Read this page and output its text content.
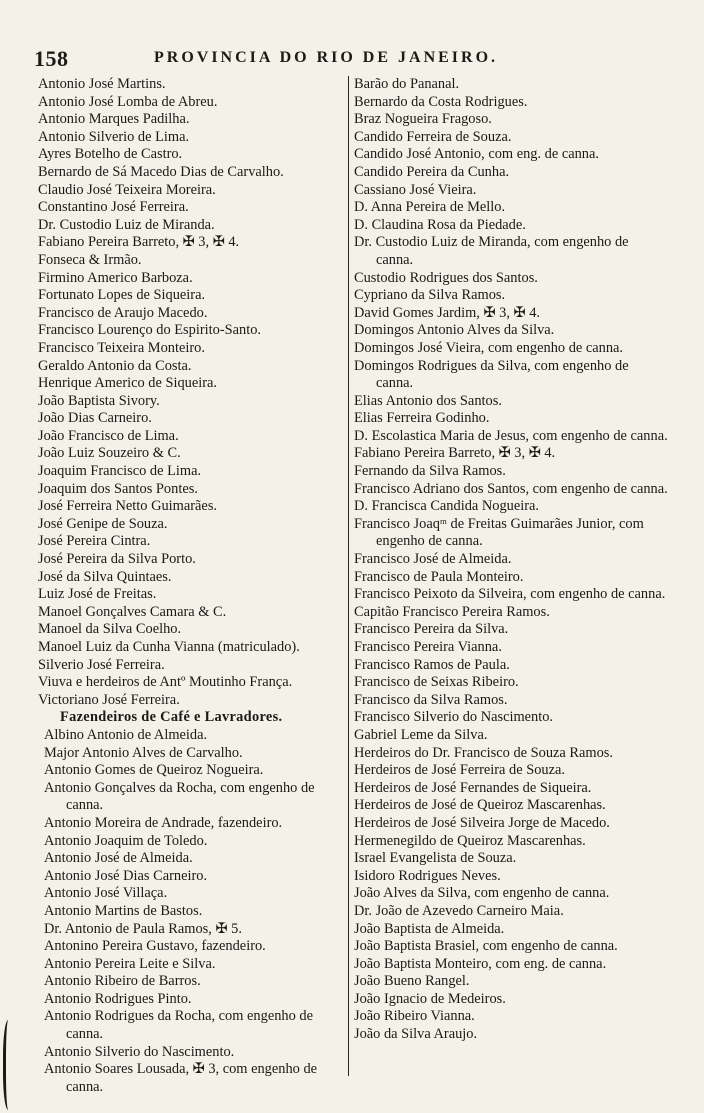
158	PROVINCIA DO RIO DE JANEIRO.
Antonio José Martins.
Antonio José Lomba de Abreu.
Antonio Marques Padilha.
Antonio Silverio de Lima.
Ayres Botelho de Castro.
Bernardo de Sá Macedo Dias de Carvalho.
Claudio José Teixeira Moreira.
Constantino José Ferreira.
Dr. Custodio Luiz de Miranda.
Fabiano Pereira Barreto, ✠ 3, ✠ 4.
Fonseca & Irmão.
Firmino Americo Barboza.
Fortunato Lopes de Siqueira.
Francisco de Araujo Macedo.
Francisco Lourenço do Espirito-Santo.
Francisco Teixeira Monteiro.
Geraldo Antonio da Costa.
Henrique Americo de Siqueira.
João Baptista Sivory.
João Dias Carneiro.
João Francisco de Lima.
João Luiz Souzeiro & C.
Joaquim Francisco de Lima.
Joaquim dos Santos Pontes.
José Ferreira Netto Guimarães.
José Genipe de Souza.
José Pereira Cintra.
José Pereira da Silva Porto.
José da Silva Quintaes.
Luiz José de Freitas.
Manoel Gonçalves Camara & C.
Manoel da Silva Coelho.
Manoel Luiz da Cunha Vianna (matriculado).
Silverio José Ferreira.
Viuva e herdeiros de Antº Moutinho França.
Victoriano José Ferreira.
Fazendeiros de Café e Lavradores.
Albino Antonio de Almeida.
Major Antonio Alves de Carvalho.
Antonio Gomes de Queiroz Nogueira.
Antonio Gonçalves da Rocha, com engenho de canna.
Antonio Moreira de Andrade, fazendeiro.
Antonio Joaquim de Toledo.
Antonio José de Almeida.
Antonio José Dias Carneiro.
Antonio José Villaça.
Antonio Martins de Bastos.
Dr. Antonio de Paula Ramos, ✠ 5.
Antonino Pereira Gustavo, fazendeiro.
Antonio Pereira Leite e Silva.
Antonio Ribeiro de Barros.
Antonio Rodrigues Pinto.
Antonio Rodrigues da Rocha, com engenho de canna.
Antonio Silverio do Nascimento.
Antonio Soares Lousada, ✠ 3, com engenho de canna.
Barão do Pananal.
Bernardo da Costa Rodrigues.
Braz Nogueira Fragoso.
Candido Ferreira de Souza.
Candido José Antonio, com eng. de canna.
Candido Pereira da Cunha.
Cassiano José Vieira.
D. Anna Pereira de Mello.
D. Claudina Rosa da Piedade.
Dr. Custodio Luiz de Miranda, com engenho de canna.
Custodio Rodrigues dos Santos.
Cypriano da Silva Ramos.
David Gomes Jardim, ✠ 3, ✠ 4.
Domingos Antonio Alves da Silva.
Domingos José Vieira, com engenho de canna.
Domingos Rodrigues da Silva, com engenho de canna.
Elias Antonio dos Santos.
Elias Ferreira Godinho.
D. Escolastica Maria de Jesus, com engenho de canna.
Fabiano Pereira Barreto, ✠ 3, ✠ 4.
Fernando da Silva Ramos.
Francisco Adriano dos Santos, com engenho de canna.
D. Francisca Candida Nogueira.
Francisco Joaqᵐ de Freitas Guimarães Junior, com engenho de canna.
Francisco José de Almeida.
Francisco de Paula Monteiro.
Francisco Peixoto da Silveira, com engenho de canna.
Capitão Francisco Pereira Ramos.
Francisco Pereira da Silva.
Francisco Pereira Vianna.
Francisco Ramos de Paula.
Francisco de Seixas Ribeiro.
Francisco da Silva Ramos.
Francisco Silverio do Nascimento.
Gabriel Leme da Silva.
Herdeiros do Dr. Francisco de Souza Ramos.
Herdeiros de José Ferreira de Souza.
Herdeiros de José Fernandes de Siqueira.
Herdeiros de José de Queiroz Mascarenhas.
Herdeiros de José Silveira Jorge de Macedo.
Hermenegildo de Queiroz Mascarenhas.
Israel Evangelista de Souza.
Isidoro Rodrigues Neves.
João Alves da Silva, com engenho de canna.
Dr. João de Azevedo Carneiro Maia.
João Baptista de Almeida.
João Baptista Brasiel, com engenho de canna.
João Baptista Monteiro, com eng. de canna.
João Bueno Rangel.
João Ignacio de Medeiros.
João Ribeiro Vianna.
João da Silva Araujo.
